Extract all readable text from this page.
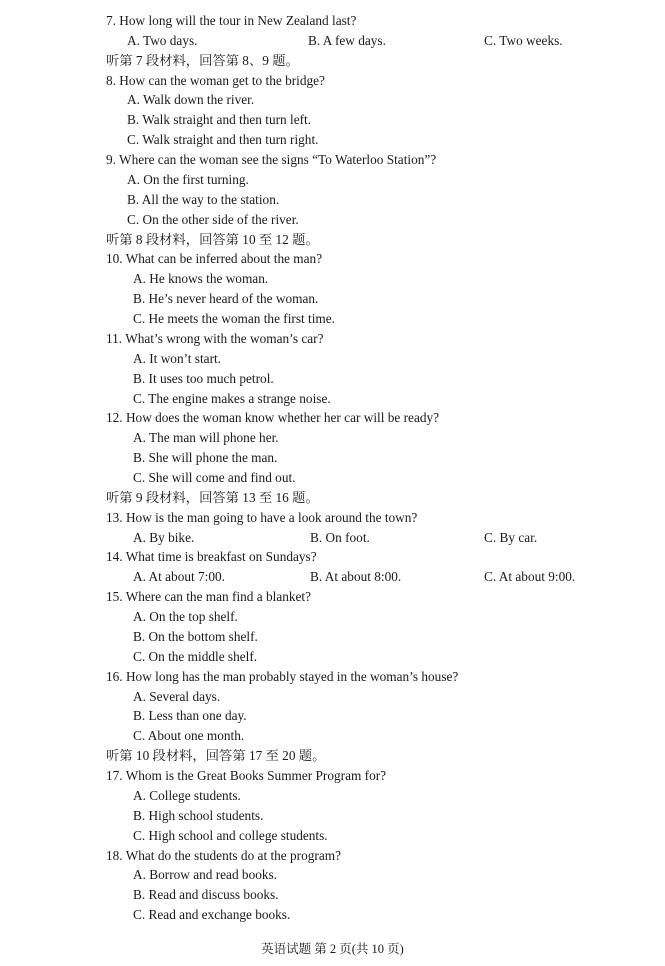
7. How long will the tour in New Zealand last?
A. Two days.	B. A few days.	C. Two weeks.
听第 7 段材料，回答第 8、9 题。
8. How can the woman get to the bridge?
A. Walk down the river.
B. Walk straight and then turn left.
C. Walk straight and then turn right.
9. Where can the woman see the signs “To Waterloo Station”?
A. On the first turning.
B. All the way to the station.
C. On the other side of the river.
听第 8 段材料，回答第 10 至 12 题。
10. What can be inferred about the man?
A. He knows the woman.
B. He’s never heard of the woman.
C. He meets the woman the first time.
11. What’s wrong with the woman’s car?
A. It won’t start.
B. It uses too much petrol.
C. The engine makes a strange noise.
12. How does the woman know whether her car will be ready?
A. The man will phone her.
B. She will phone the man.
C. She will come and find out.
听第 9 段材料，回答第 13 至 16 题。
13. How is the man going to have a look around the town?
A. By bike.	B. On foot.	C. By car.
14. What time is breakfast on Sundays?
A. At about 7:00.	B. At about 8:00.	C. At about 9:00.
15. Where can the man find a blanket?
A. On the top shelf.
B. On the bottom shelf.
C. On the middle shelf.
16. How long has the man probably stayed in the woman’s house?
A. Several days.
B. Less than one day.
C. About one month.
听第 10 段材料，回答第 17 至 20 题。
17. Whom is the Great Books Summer Program for?
A. College students.
B. High school students.
C. High school and college students.
18. What do the students do at the program?
A. Borrow and read books.
B. Read and discuss books.
C. Read and exchange books.
英语试题 第 2 页(共 10 页)
